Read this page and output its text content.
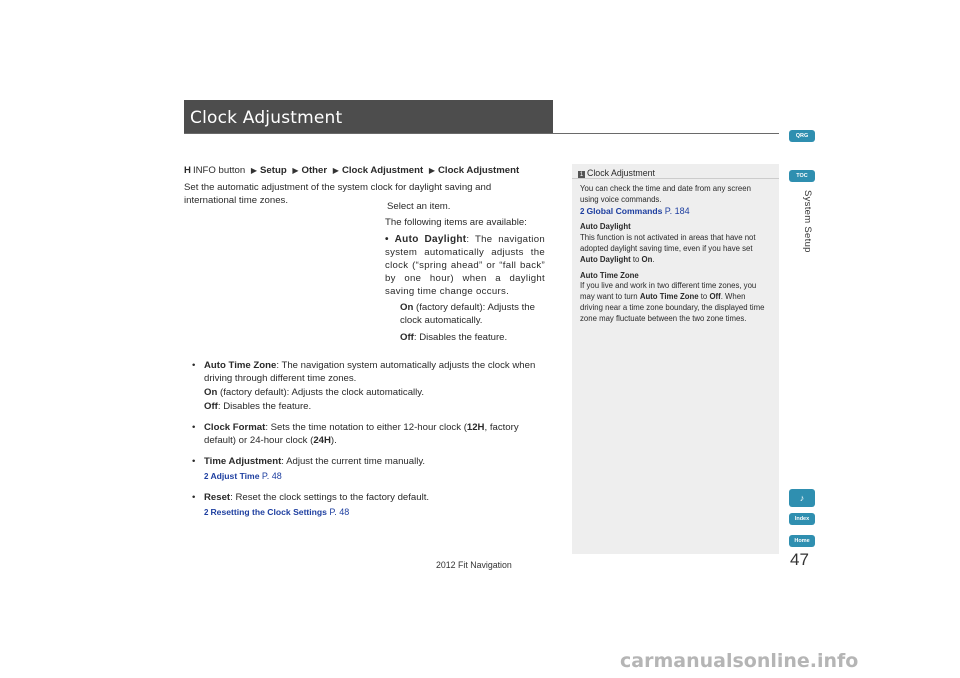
Clock Adjustment
H INFO button ▶ Setup ▶ Other ▶ Clock Adjustment ▶ Clock Adjustment
Set the automatic adjustment of the system clock for daylight saving and international time zones.
Select an item.
The following items are available:
• Auto Daylight: The navigation system automatically adjusts the clock (“spring ahead” or “fall back” by one hour) when a daylight saving time change occurs.
On (factory default): Adjusts the clock automatically.
Off: Disables the feature.
• Auto Time Zone: The navigation system automatically adjusts the clock when driving through different time zones.

On (factory default): Adjusts the clock automatically.

Off: Disables the feature.

• Clock Format: Sets the time notation to either 12-hour clock (12H, factory default) or 24-hour clock (24H).

• Time Adjustment: Adjust the current time manually.

2 Adjust Time P. 48
• Reset: Reset the clock settings to the factory default.

2 Resetting the Clock Settings P. 48
1 Clock Adjustment

You can check the time and date from any screen using voice commands.
2 Global Commands P. 184

Auto Daylight

This function is not activated in areas that have not adopted daylight saving time, even if you have set Auto Daylight to On.

Auto Time Zone

If you live and work in two different time zones, you may want to turn Auto Time Zone to Off. When driving near a time zone boundary, the displayed time zone may fluctuate between the two zone times.

QRG
TOC
System Setup
♪
Index
Home
47
2012 Fit Navigation
carmanualsonline.info
